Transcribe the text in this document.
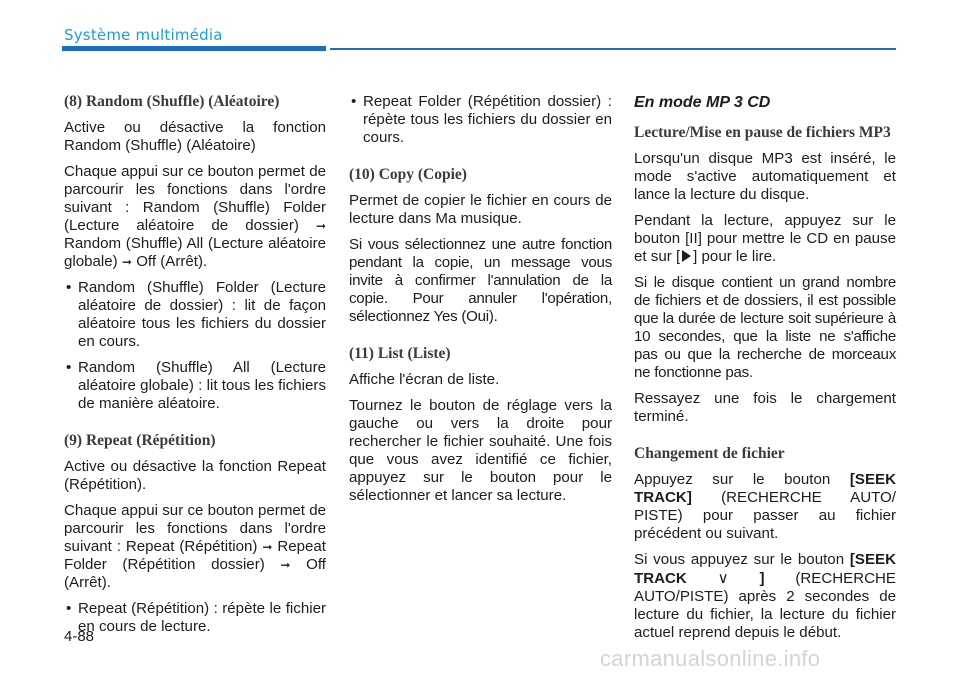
Système multimédia
(8) Random (Shuffle) (Aléatoire)

Active ou désactive la fonction Random (Shuffle) (Aléatoire)

Chaque appui sur ce bouton permet de parcourir les fonctions dans l'ordre suivant : Random (Shuffle) Folder (Lecture aléatoire de dossier) ➞ Random (Shuffle) All (Lecture aléatoire globale) ➞ Off (Arrêt).

• Random (Shuffle) Folder (Lecture aléatoire de dossier) : lit de façon aléatoire tous les fichiers du dossier en cours.
• Random (Shuffle) All (Lecture aléatoire globale) : lit tous les fichiers de manière aléatoire.
(9) Repeat (Répétition)

Active ou désactive la fonction Repeat (Répétition).

Chaque appui sur ce bouton permet de parcourir les fonctions dans l'ordre suivant : Repeat (Répétition) ➞ Repeat Folder (Répétition dossier) ➞ Off (Arrêt).

• Repeat (Répétition) : répète le fichier en cours de lecture.
• Repeat Folder (Répétition dossier) : répète tous les fichiers du dossier en cours.
(10) Copy (Copie)

Permet de copier le fichier en cours de lecture dans Ma musique.

Si vous sélectionnez une autre fonction pendant la copie, un message vous invite à confirmer l'annulation de la copie. Pour annuler l'opération, sélectionnez Yes (Oui).

(11) List (Liste)

Affiche l'écran de liste.

Tournez le bouton de réglage vers la gauche ou vers la droite pour rechercher le fichier souhaité. Une fois que vous avez identifié ce fichier, appuyez sur le bouton pour le sélectionner et lancer sa lecture.

En mode MP 3 CD
Lecture/Mise en pause de fichiers MP3

Lorsqu'un disque MP3 est inséré, le mode s'active automatiquement et lance la lecture du disque.

Pendant la lecture, appuyez sur le bouton [II] pour mettre le CD en pause et sur [ ] pour le lire.

Si le disque contient un grand nombre de fichiers et de dossiers, il est possible que la durée de lecture soit supérieure à 10 secondes, que la liste ne s'affiche pas ou que la recherche de morceaux ne fonctionne pas.

Ressayez une fois le chargement terminé.

Changement de fichier

Appuyez sur le bouton [SEEK TRACK] (RECHERCHE AUTO/ PISTE) pour passer au fichier précédent ou suivant.

Si vous appuyez sur le bouton [SEEK TRACK ∨ ] (RECHERCHE AUTO/PISTE) après 2 secondes de lecture du fichier, la lecture du fichier actuel reprend depuis le début.

4-88
carmanualsonline.info
